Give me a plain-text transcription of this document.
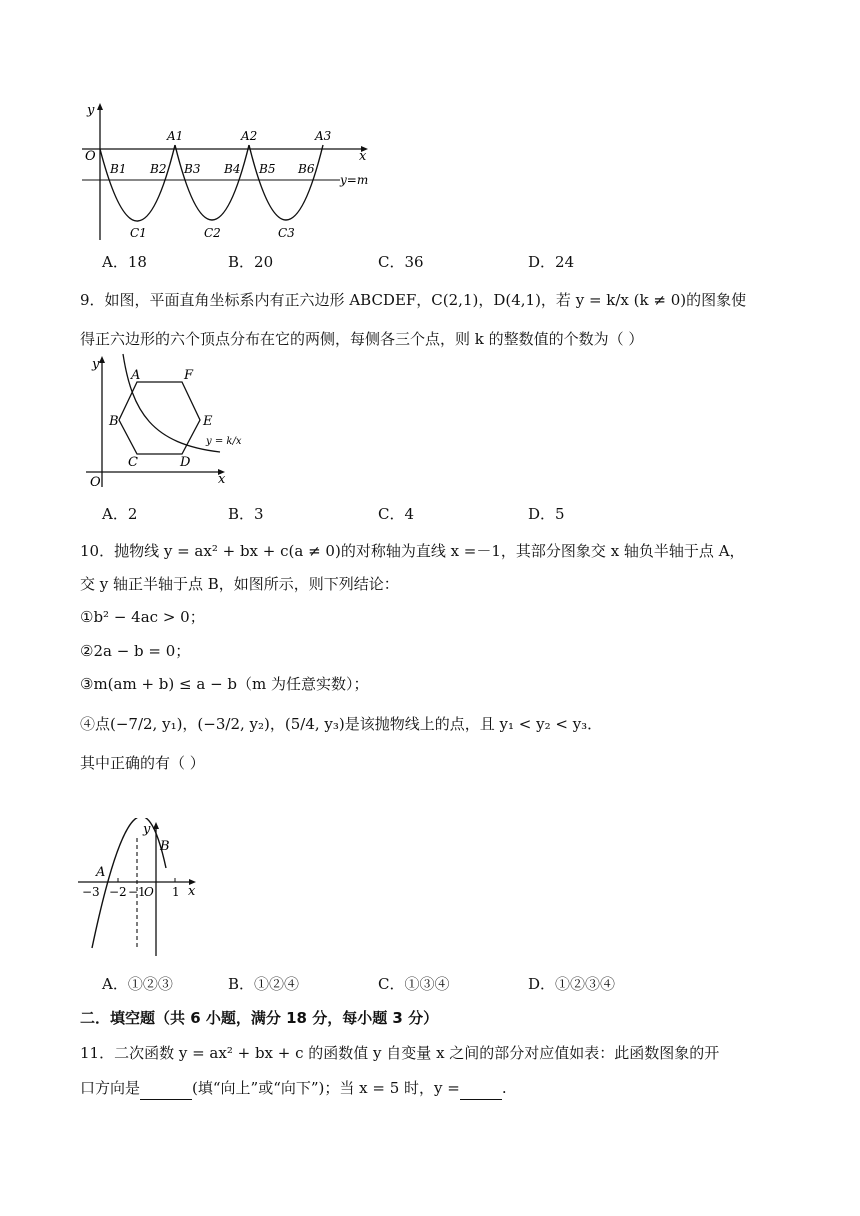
y
x
O
y=m
A1	A2	A3
B1 B2 B3 B4 B5 B6
C1	C2	C3
A．18	B．20	C．36	D．24
9．如图，平面直角坐标系内有正六边形 ABCDEF，C(2,1)，D(4,1)，若 y = k/x (k ≠ 0)的图象使
得正六边形的六个顶点分布在它的两侧，每侧各三个点，则 k 的整数值的个数为（ ）
y
x
O
A	F
B	E
C	D
y = k/x
A．2	B．3	C．4	D．5
10．抛物线 y = ax² + bx + c(a ≠ 0)的对称轴为直线 x =－1，其部分图象交 x 轴负半轴于点 A，
交 y 轴正半轴于点 B，如图所示，则下列结论：
①b² − 4ac > 0；
②2a − b = 0；
③m(am + b) ≤ a − b（m 为任意实数）；
④点(−7/2, y₁)，(−3/2, y₂)，(5/4, y₃)是该抛物线上的点，且 y₁ < y₂ < y₃．
其中正确的有（ ）
y
x
A
B
−3 −2 −1
O 1
A．①②③	B．①②④	C．①③④	D．①②③④
二．填空题（共 6 小题，满分 18 分，每小题 3 分）
11．二次函数 y = ax² + bx + c 的函数值 y 自变量 x 之间的部分对应值如表：此函数图象的开
口方向是	(填“向上”或“向下”)；当 x = 5 时，y =	.
